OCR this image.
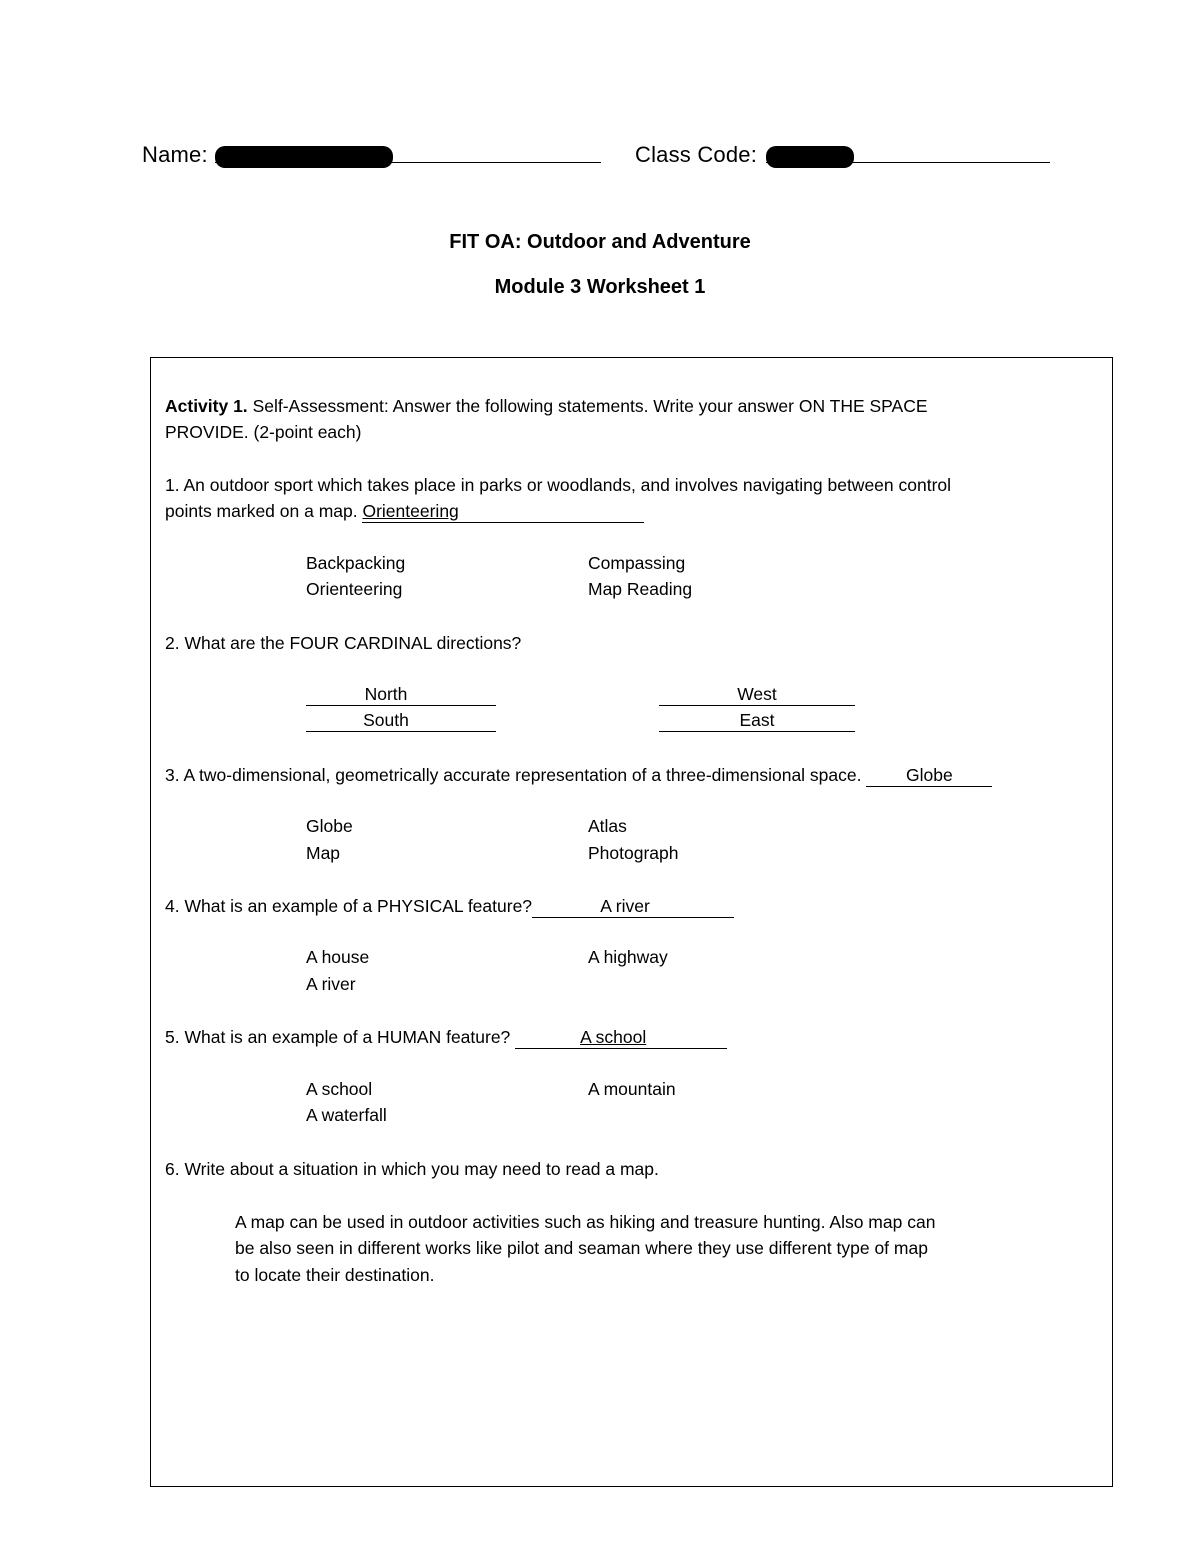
Name:	Class Code:
FIT OA: Outdoor and Adventure
Module 3 Worksheet 1
Activity 1. Self-Assessment: Answer the following statements. Write your answer ON THE SPACE
PROVIDE. (2-point each)
1. An outdoor sport which takes place in parks or woodlands, and involves navigating between control
points marked on a map. Orienteering
Backpacking	Compassing
Orienteering	Map Reading
2. What are the FOUR CARDINAL directions?
North	West
South	East
3. A two-dimensional, geometrically accurate representation of a three-dimensional space.	Globe
Globe	Atlas
Map	Photograph
4. What is an example of a PHYSICAL feature?	A river
A house	A highway
A river
5. What is an example of a HUMAN feature?	A school
A school	A mountain
A waterfall
6. Write about a situation in which you may need to read a map.
A map can be used in outdoor activities such as hiking and treasure hunting. Also map can
be also seen in different works like pilot and seaman where they use different type of map
to locate their destination.
